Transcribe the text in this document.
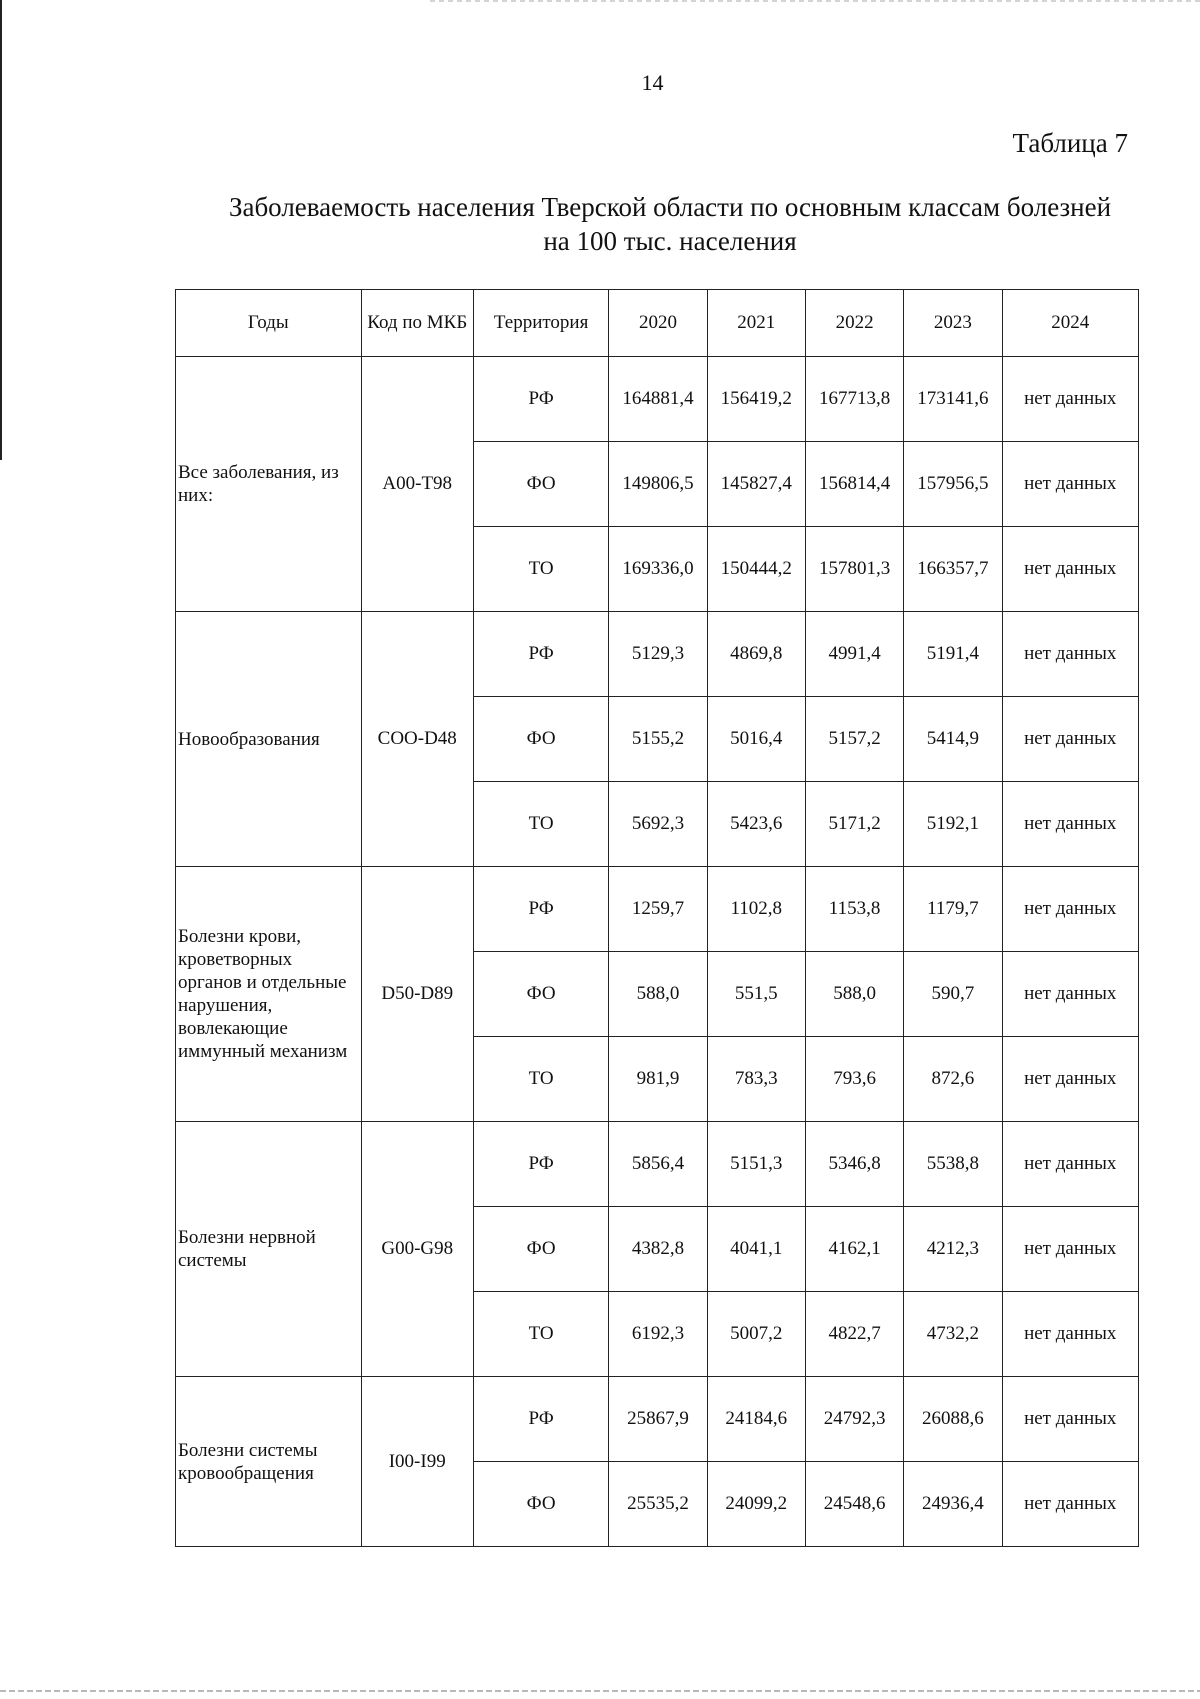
14
Таблица 7
Заболеваемость населения Тверской области по основным классам болезней
на 100 тыс. населения
Годы	Код по МКБ	Территория	2020	2021	2022	2023	2024
Все заболевания, из них:	A00-T98	РФ	164881,4	156419,2	167713,8	173141,6	нет данных
		ФО	149806,5	145827,4	156814,4	157956,5	нет данных
		ТО	169336,0	150444,2	157801,3	166357,7	нет данных
Новообразования	COO-D48	РФ	5129,3	4869,8	4991,4	5191,4	нет данных
		ФО	5155,2	5016,4	5157,2	5414,9	нет данных
		ТО	5692,3	5423,6	5171,2	5192,1	нет данных
Болезни крови, кроветворных органов и отдельные нарушения, вовлекающие иммунный механизм	D50-D89	РФ	1259,7	1102,8	1153,8	1179,7	нет данных
		ФО	588,0	551,5	588,0	590,7	нет данных
		ТО	981,9	783,3	793,6	872,6	нет данных
Болезни нервной системы	G00-G98	РФ	5856,4	5151,3	5346,8	5538,8	нет данных
		ФО	4382,8	4041,1	4162,1	4212,3	нет данных
		ТО	6192,3	5007,2	4822,7	4732,2	нет данных
Болезни системы кровообращения	I00-I99	РФ	25867,9	24184,6	24792,3	26088,6	нет данных
		ФО	25535,2	24099,2	24548,6	24936,4	нет данных
